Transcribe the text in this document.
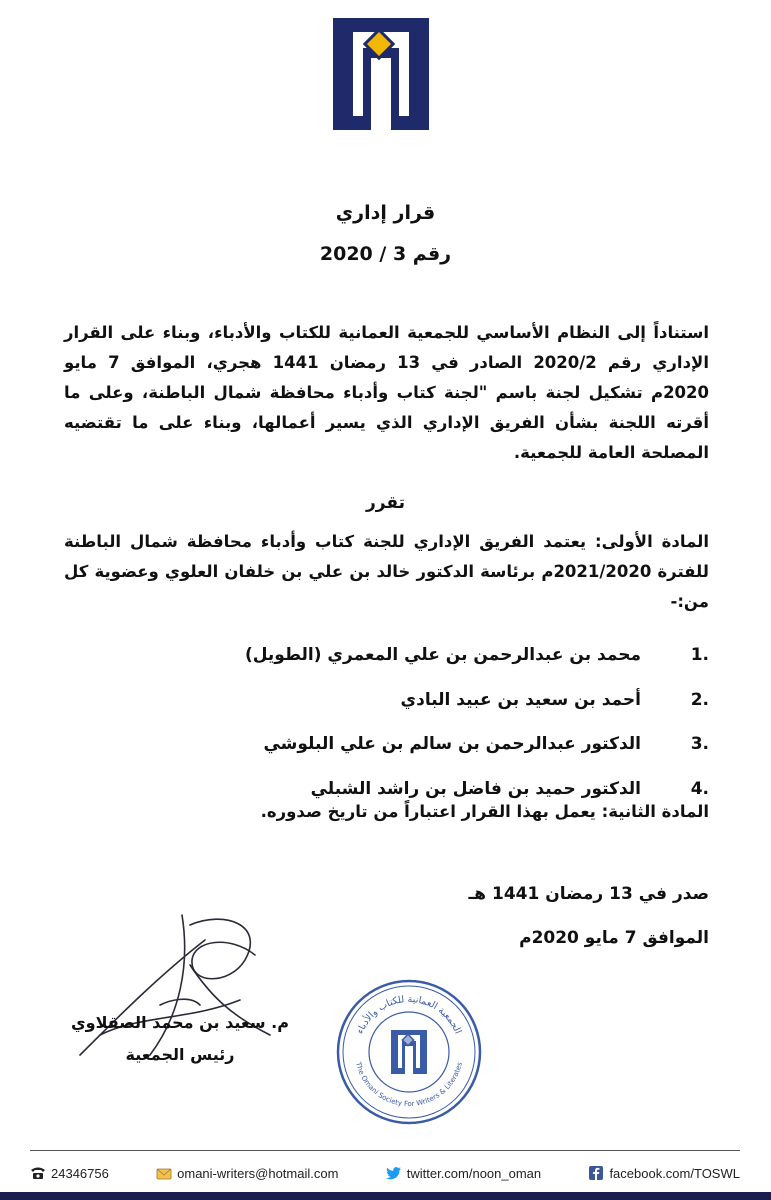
قرار إداري
رقم 3 / 2020
استناداً إلى النظام الأساسي للجمعية العمانية للكتاب والأدباء، وبناء على القرار الإداري رقم 2020/2 الصادر في 13 رمضان 1441 هجري، الموافق 7 مايو 2020م تشكيل لجنة باسم "لجنة كتاب وأدباء محافظة شمال الباطنة، وعلى ما أقرته اللجنة بشأن الفريق الإداري الذي يسير أعمالها، وبناء على ما تقتضيه المصلحة العامة للجمعية.
تقرر
المادة الأولى: يعتمد الفريق الإداري للجنة كتاب وأدباء محافظة شمال الباطنة للفترة 2021/2020م برئاسة الدكتور خالد بن علي بن خلفان العلوي وعضوية كل من:-
1.
محمد بن عبدالرحمن بن علي المعمري (الطويل)
2.
أحمد بن سعيد بن عبيد البادي
3.
الدكتور عبدالرحمن بن سالم بن علي البلوشي
4.
الدكتور حميد بن فاضل بن راشد الشبلي
المادة الثانية: يعمل بهذا القرار اعتباراً من تاريخ صدوره.
صدر في 13 رمضان 1441 هـ
الموافق 7 مايو 2020م
م. سعيد بن محمد الصقلاوي
رئيس الجمعية
الجمعية العمانية للكتاب والأدباء
The Omani Society For Writers & Literates
24346756	omani-writers@hotmail.com	twitter.com/noon_oman	facebook.com/TOSWL
